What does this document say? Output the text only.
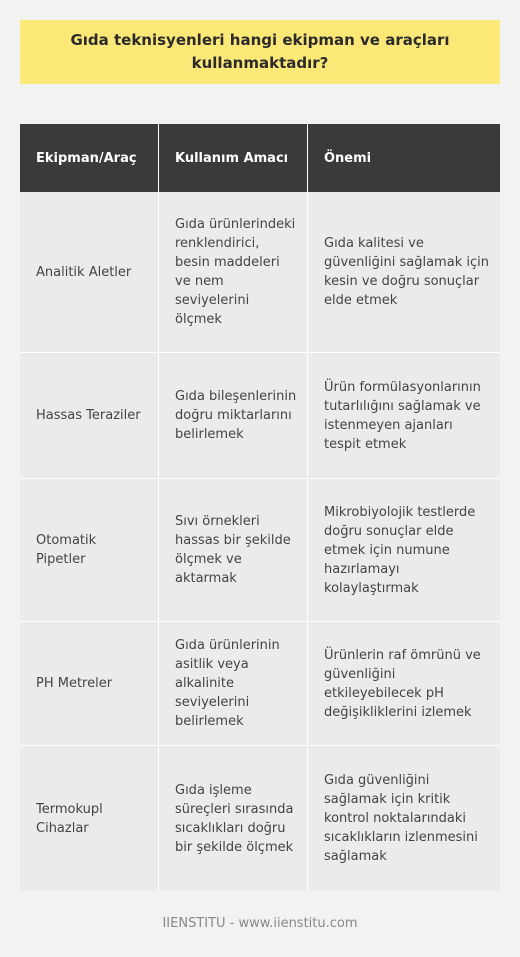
Gıda teknisyenleri hangi ekipman ve araçları kullanmaktadır?
Ekipman/Araç	Kullanım Amacı	Önemi
Analitik Aletler
Gıda ürünlerindeki renklendirici, besin maddeleri ve nem seviyelerini ölçmek
Gıda kalitesi ve güvenliğini sağlamak için kesin ve doğru sonuçlar elde etmek
Hassas Teraziler
Gıda bileşenlerinin doğru miktarlarını belirlemek
Ürün formülasyonlarının tutarlılığını sağlamak ve istenmeyen ajanları tespit etmek
Otomatik Pipetler
Sıvı örnekleri hassas bir şekilde ölçmek ve aktarmak
Mikrobiyolojik testlerde doğru sonuçlar elde etmek için numune hazırlamayı kolaylaştırmak
PH Metreler
Gıda ürünlerinin asitlik veya alkalinite seviyelerini belirlemek
Ürünlerin raf ömrünü ve güvenliğini etkileyebilecek pH değişikliklerini izlemek
Termokupl Cihazlar
Gıda işleme süreçleri sırasında sıcaklıkları doğru bir şekilde ölçmek
Gıda güvenliğini sağlamak için kritik kontrol noktalarındaki sıcaklıkların izlenmesini sağlamak
IIENSTITU - www.iienstitu.com
